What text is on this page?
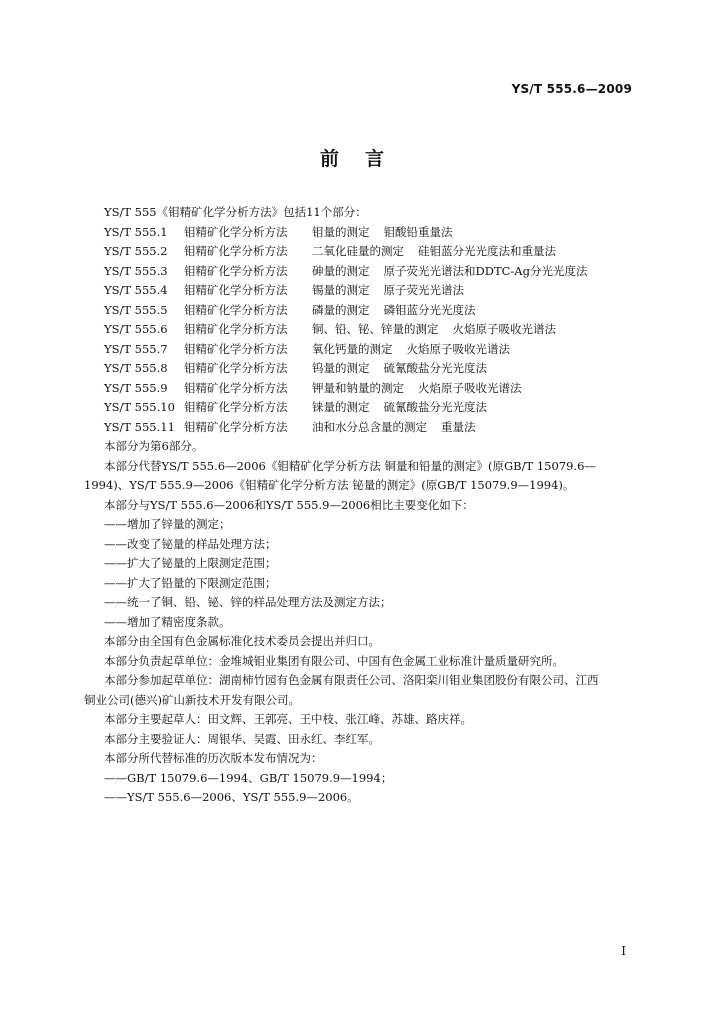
YS/T 555.6—2009
前言
YS/T 555《钼精矿化学分析方法》包括11个部分：
YS/T 555.1	钼精矿化学分析方法	钼量的测定 钼酸铅重量法
YS/T 555.2	钼精矿化学分析方法	二氧化硅量的测定 硅钼蓝分光光度法和重量法
YS/T 555.3	钼精矿化学分析方法	砷量的测定 原子荧光光谱法和DDTC-Ag分光光度法
YS/T 555.4	钼精矿化学分析方法	锡量的测定 原子荧光光谱法
YS/T 555.5	钼精矿化学分析方法	磷量的测定 磷钼蓝分光光度法
YS/T 555.6	钼精矿化学分析方法	铜、铅、铋、锌量的测定 火焰原子吸收光谱法
YS/T 555.7	钼精矿化学分析方法	氧化钙量的测定 火焰原子吸收光谱法
YS/T 555.8	钼精矿化学分析方法	钨量的测定 硫氰酸盐分光光度法
YS/T 555.9	钼精矿化学分析方法	钾量和钠量的测定 火焰原子吸收光谱法
YS/T 555.10 钼精矿化学分析方法	铼量的测定 硫氰酸盐分光光度法
YS/T 555.11 钼精矿化学分析方法	油和水分总含量的测定 重量法
本部分为第6部分。
本部分代替YS/T 555.6—2006《钼精矿化学分析方法 铜量和铅量的测定》(原GB/T 15079.6—
1994)、YS/T 555.9—2006《钼精矿化学分析方法 铋量的测定》(原GB/T 15079.9—1994)。
本部分与YS/T 555.6—2006和YS/T 555.9—2006相比主要变化如下：
——增加了锌量的测定；
——改变了铋量的样品处理方法；
——扩大了铋量的上限测定范围；
——扩大了铅量的下限测定范围；
——统一了铜、铅、铋、锌的样品处理方法及测定方法；
——增加了精密度条款。
本部分由全国有色金属标准化技术委员会提出并归口。
本部分负责起草单位：金堆城钼业集团有限公司、中国有色金属工业标准计量质量研究所。
本部分参加起草单位：湖南柿竹园有色金属有限责任公司、洛阳栾川钼业集团股份有限公司、江西
铜业公司(德兴)矿山新技术开发有限公司。
本部分主要起草人：田文辉、王郭亮、王中枝、张江峰、苏雄、路庆祥。
本部分主要验证人：周银华、吴霞、田永红、李红军。
本部分所代替标准的历次版本发布情况为：
——GB/T 15079.6—1994、GB/T 15079.9—1994；
——YS/T 555.6—2006、YS/T 555.9—2006。
I
